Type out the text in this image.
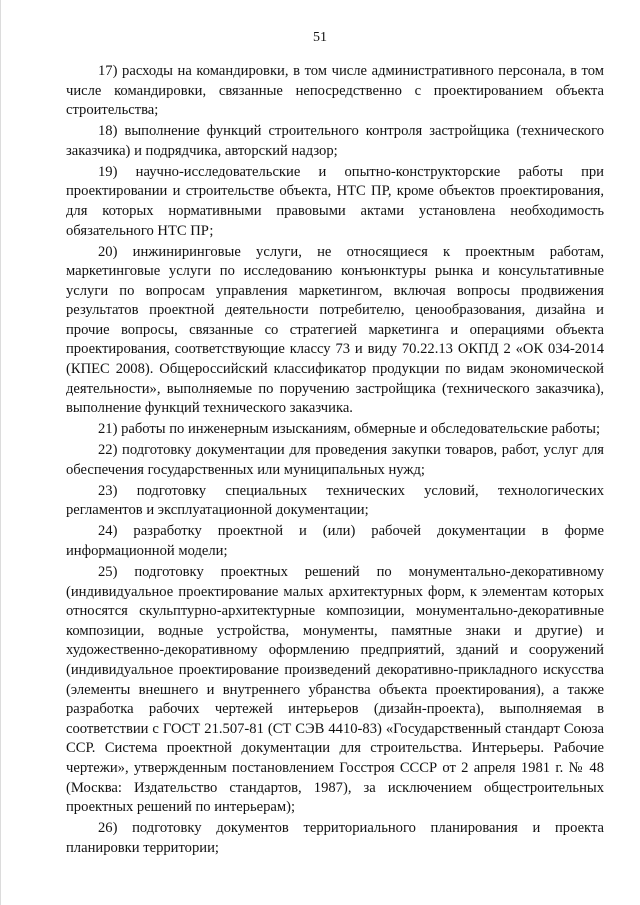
51

17) расходы на командировки, в том числе административного персонала, в том числе командировки, связанные непосредственно с проектированием объекта строительства;

18) выполнение функций строительного контроля застройщика (технического заказчика) и подрядчика, авторский надзор;

19) научно-исследовательские и опытно-конструкторские работы при проектировании и строительстве объекта, НТС ПР, кроме объектов проектирования, для которых нормативными правовыми актами установлена необходимость обязательного НТС ПР;

20) инжиниринговые услуги, не относящиеся к проектным работам, маркетинговые услуги по исследованию конъюнктуры рынка и консультативные услуги по вопросам управления маркетингом, включая вопросы продвижения результатов проектной деятельности потребителю, ценообразования, дизайна и прочие вопросы, связанные со стратегией маркетинга и операциями объекта проектирования, соответствующие классу 73 и виду 70.22.13 ОКПД 2 «ОК 034-2014 (КПЕС 2008). Общероссийский классификатор продукции по видам экономической деятельности», выполняемые по поручению застройщика (технического заказчика), выполнение функций технического заказчика.

21) работы по инженерным изысканиям, обмерные и обследовательские работы;

22) подготовку документации для проведения закупки товаров, работ, услуг для обеспечения государственных или муниципальных нужд;

23) подготовку специальных технических условий, технологических регламентов и эксплуатационной документации;

24) разработку проектной и (или) рабочей документации в форме информационной модели;

25) подготовку проектных решений по монументально-декоративному (индивидуальное проектирование малых архитектурных форм, к элементам которых относятся скульптурно-архитектурные композиции, монументально-декоративные композиции, водные устройства, монументы, памятные знаки и другие) и художественно-декоративному оформлению предприятий, зданий и сооружений (индивидуальное проектирование произведений декоративно-прикладного искусства (элементы внешнего и внутреннего убранства объекта проектирования), а также разработка рабочих чертежей интерьеров (дизайн-проекта), выполняемая в соответствии с ГОСТ 21.507-81 (СТ СЭВ 4410-83) «Государственный стандарт Союза ССР. Система проектной документации для строительства. Интерьеры. Рабочие чертежи», утвержденным постановлением Госстроя СССР от 2 апреля 1981 г. № 48 (Москва: Издательство стандартов, 1987), за исключением общестроительных проектных решений по интерьерам);

26) подготовку документов территориального планирования и проекта планировки территории;
